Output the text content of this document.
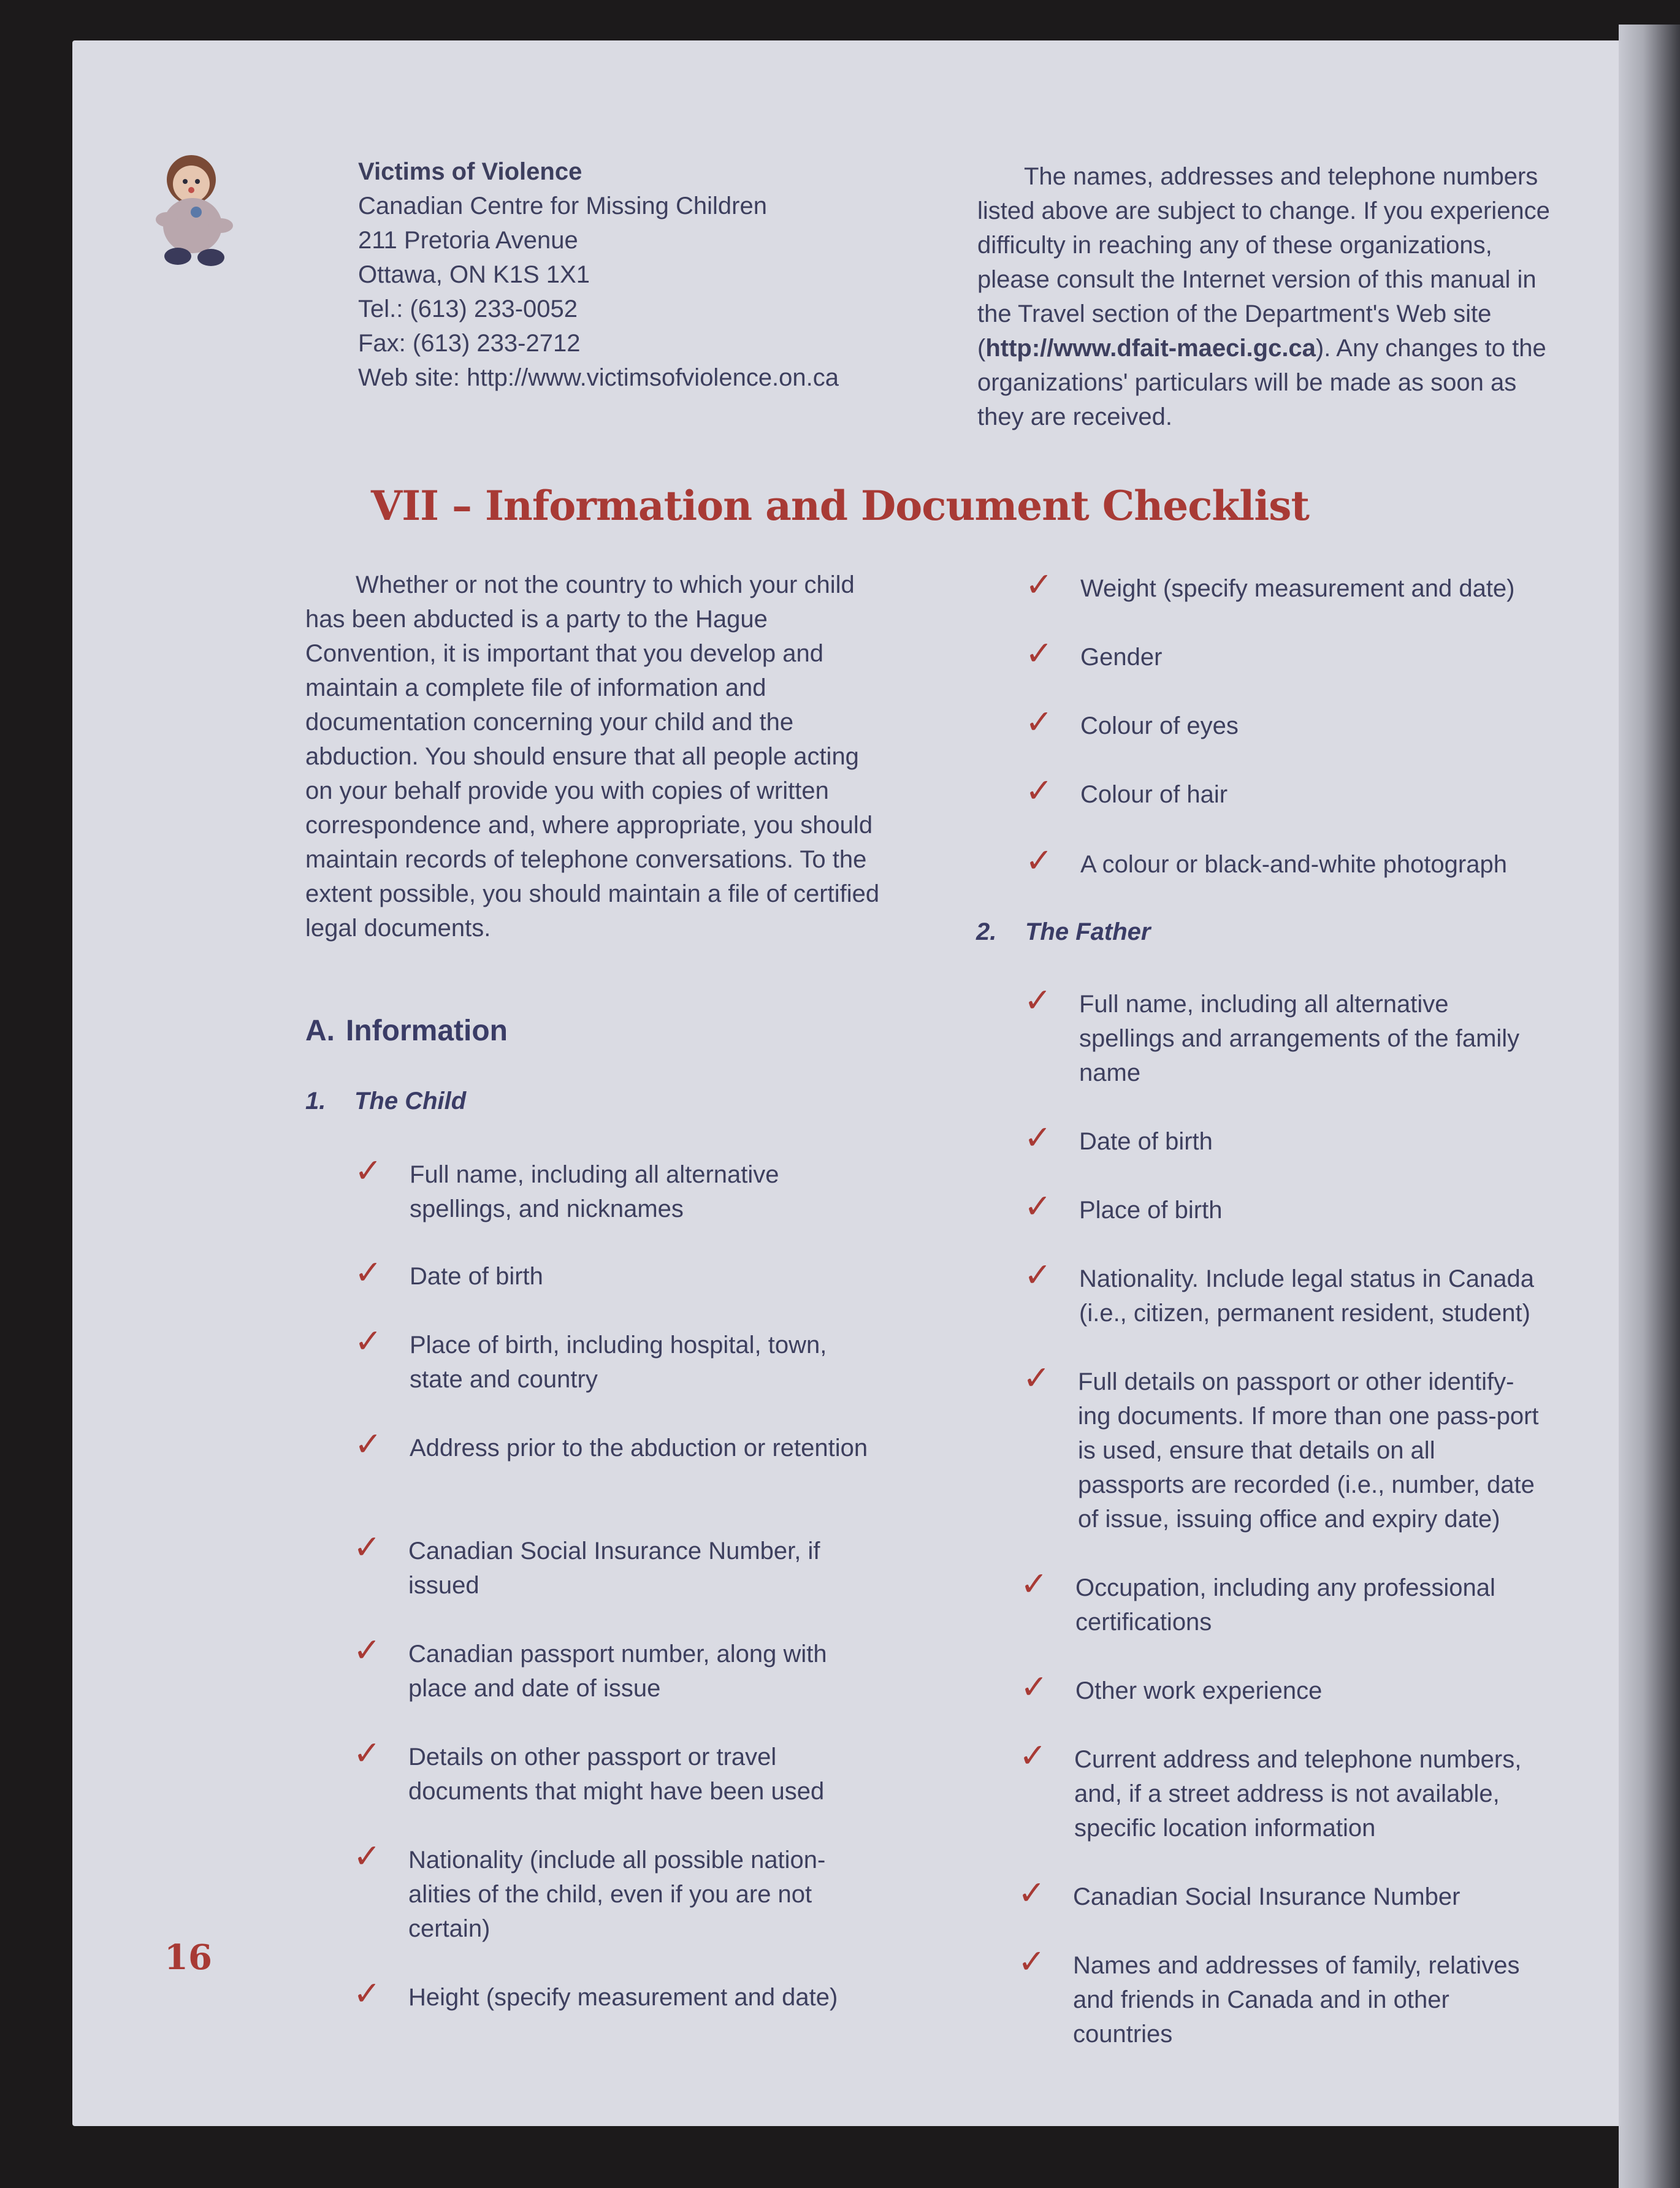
Victims of Violence
Canadian Centre for Missing Children
211 Pretoria Avenue
Ottawa, ON K1S 1X1
Tel.: (613) 233-0052
Fax: (613) 233-2712
Web site: http://www.victimsofviolence.on.ca

The names, addresses and telephone numbers listed above are subject to change. If you experience difficulty in reaching any of these organizations, please consult the Internet version of this manual in the Travel section of the Department's Web site (http://www.dfait-maeci.gc.ca). Any changes to the organizations' particulars will be made as soon as they are received.

VII – Information and Document Checklist

Whether or not the country to which your child has been abducted is a party to the Hague Convention, it is important that you develop and maintain a complete file of information and documentation concerning your child and the abduction. You should ensure that all people acting on your behalf provide you with copies of written correspondence and, where appropriate, you should maintain records of telephone conversations. To the extent possible, you should maintain a file of certified legal documents.

A. Information
1. The Child
2. The Father
✓ Full name, including all alternative spellings, and nicknames
✓ Date of birth
✓ Place of birth, including hospital, town, state and country
✓ Address prior to the abduction or retention
✓ Canadian Social Insurance Number, if issued
✓ Canadian passport number, along with place and date of issue
✓ Details on other passport or travel documents that might have been used
✓ Nationality (include all possible nation-alities of the child, even if you are not certain)
✓ Height (specify measurement and date)
✓ Weight (specify measurement and date)
✓ Gender
✓ Colour of eyes
✓ Colour of hair
✓ A colour or black-and-white photograph
✓ Full name, including all alternative spellings and arrangements of the family name
✓ Date of birth
✓ Place of birth
✓ Nationality. Include legal status in Canada (i.e., citizen, permanent resident, student)
✓ Full details on passport or other identify-ing documents. If more than one pass-port is used, ensure that details on all passports are recorded (i.e., number, date of issue, issuing office and expiry date)
✓ Occupation, including any professional certifications
✓ Other work experience
✓ Current address and telephone numbers, and, if a street address is not available, specific location information
✓ Canadian Social Insurance Number
✓ Names and addresses of family, relatives and friends in Canada and in other countries
16
